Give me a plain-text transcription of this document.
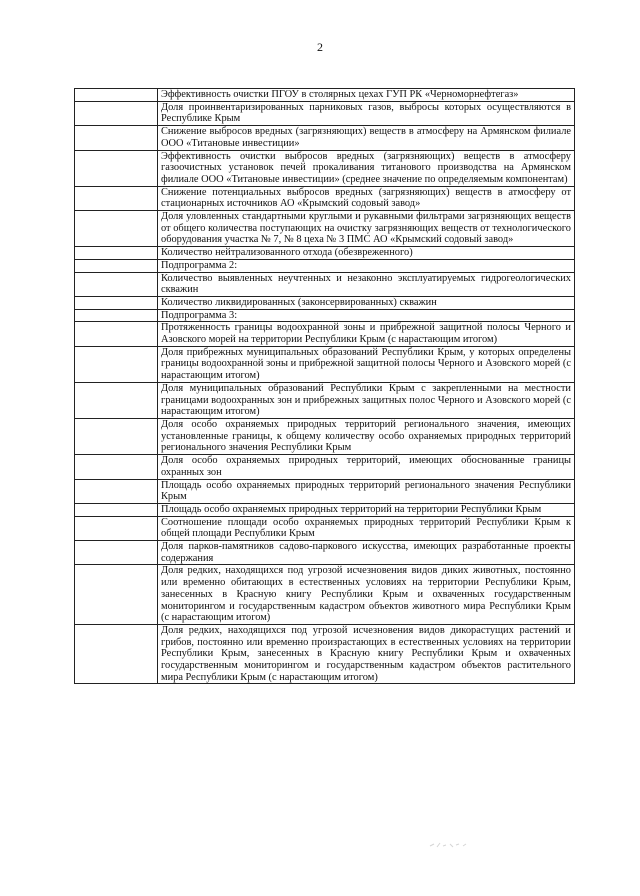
2
	Эффективность очистки ПГОУ в столярных цехах ГУП РК «Черноморнефтегаз»
	Доля проинвентаризированных парниковых газов, выбросы которых осуществляются в Республике Крым
	Снижение выбросов вредных (загрязняющих) веществ в атмосферу на Армянском филиале ООО «Титановые инвестиции»
	Эффективность очистки выбросов вредных (загрязняющих) веществ в атмосферу газоочистных установок печей прокаливания титанового производства на Армянском филиале ООО «Титановые инвестиции» (среднее значение по определяемым компонентам)
	Снижение потенциальных выбросов вредных (загрязняющих) веществ в атмосферу от стационарных источников АО «Крымский содовый завод»
	Доля уловленных стандартными круглыми и рукавными фильтрами загрязняющих веществ от общего количества поступающих на очистку загрязняющих веществ от технологического оборудования участка № 7, № 8 цеха № 3 ПМС АО «Крымский содовый завод»
	Количество нейтрализованного отхода (обезвреженного)
	Подпрограмма 2:
	Количество выявленных неучтенных и незаконно эксплуатируемых гидрогеологических скважин
	Количество ликвидированных (законсервированных) скважин
	Подпрограмма 3:
	Протяженность границы водоохранной зоны и прибрежной защитной полосы Черного и Азовского морей на территории Республики Крым (с нарастающим итогом)
	Доля прибрежных муниципальных образований Республики Крым, у которых определены границы водоохранной зоны и прибрежной защитной полосы Черного и Азовского морей (с нарастающим итогом)
	Доля муниципальных образований Республики Крым с закрепленными на местности границами водоохранных зон и прибрежных защитных полос Черного и Азовского морей (с нарастающим итогом)
	Доля особо охраняемых природных территорий регионального значения, имеющих установленные границы, к общему количеству особо охраняемых природных территорий регионального значения Республики Крым
	Доля особо охраняемых природных территорий, имеющих обоснованные границы охранных зон
	Площадь особо охраняемых природных территорий регионального значения Республики Крым
	Площадь особо охраняемых природных территорий на территории Республики Крым
	Соотношение площади особо охраняемых природных территорий Республики Крым к общей площади Республики Крым
	Доля парков-памятников садово-паркового искусства, имеющих разработанные проекты содержания
	Доля редких, находящихся под угрозой исчезновения видов диких животных, постоянно или временно обитающих в естественных условиях на территории Республики Крым, занесенных в Красную книгу Республики Крым и охваченных государственным мониторингом и государственным кадастром объектов животного мира Республики Крым (с нарастающим итогом)
	Доля редких, находящихся под угрозой исчезновения видов дикорастущих растений и грибов, постоянно или временно произрастающих в естественных условиях на территории Республики Крым, занесенных в Красную книгу Республики Крым и охваченных государственным мониторингом и государственным кадастром объектов растительного мира Республики Крым (с нарастающим итогом)
